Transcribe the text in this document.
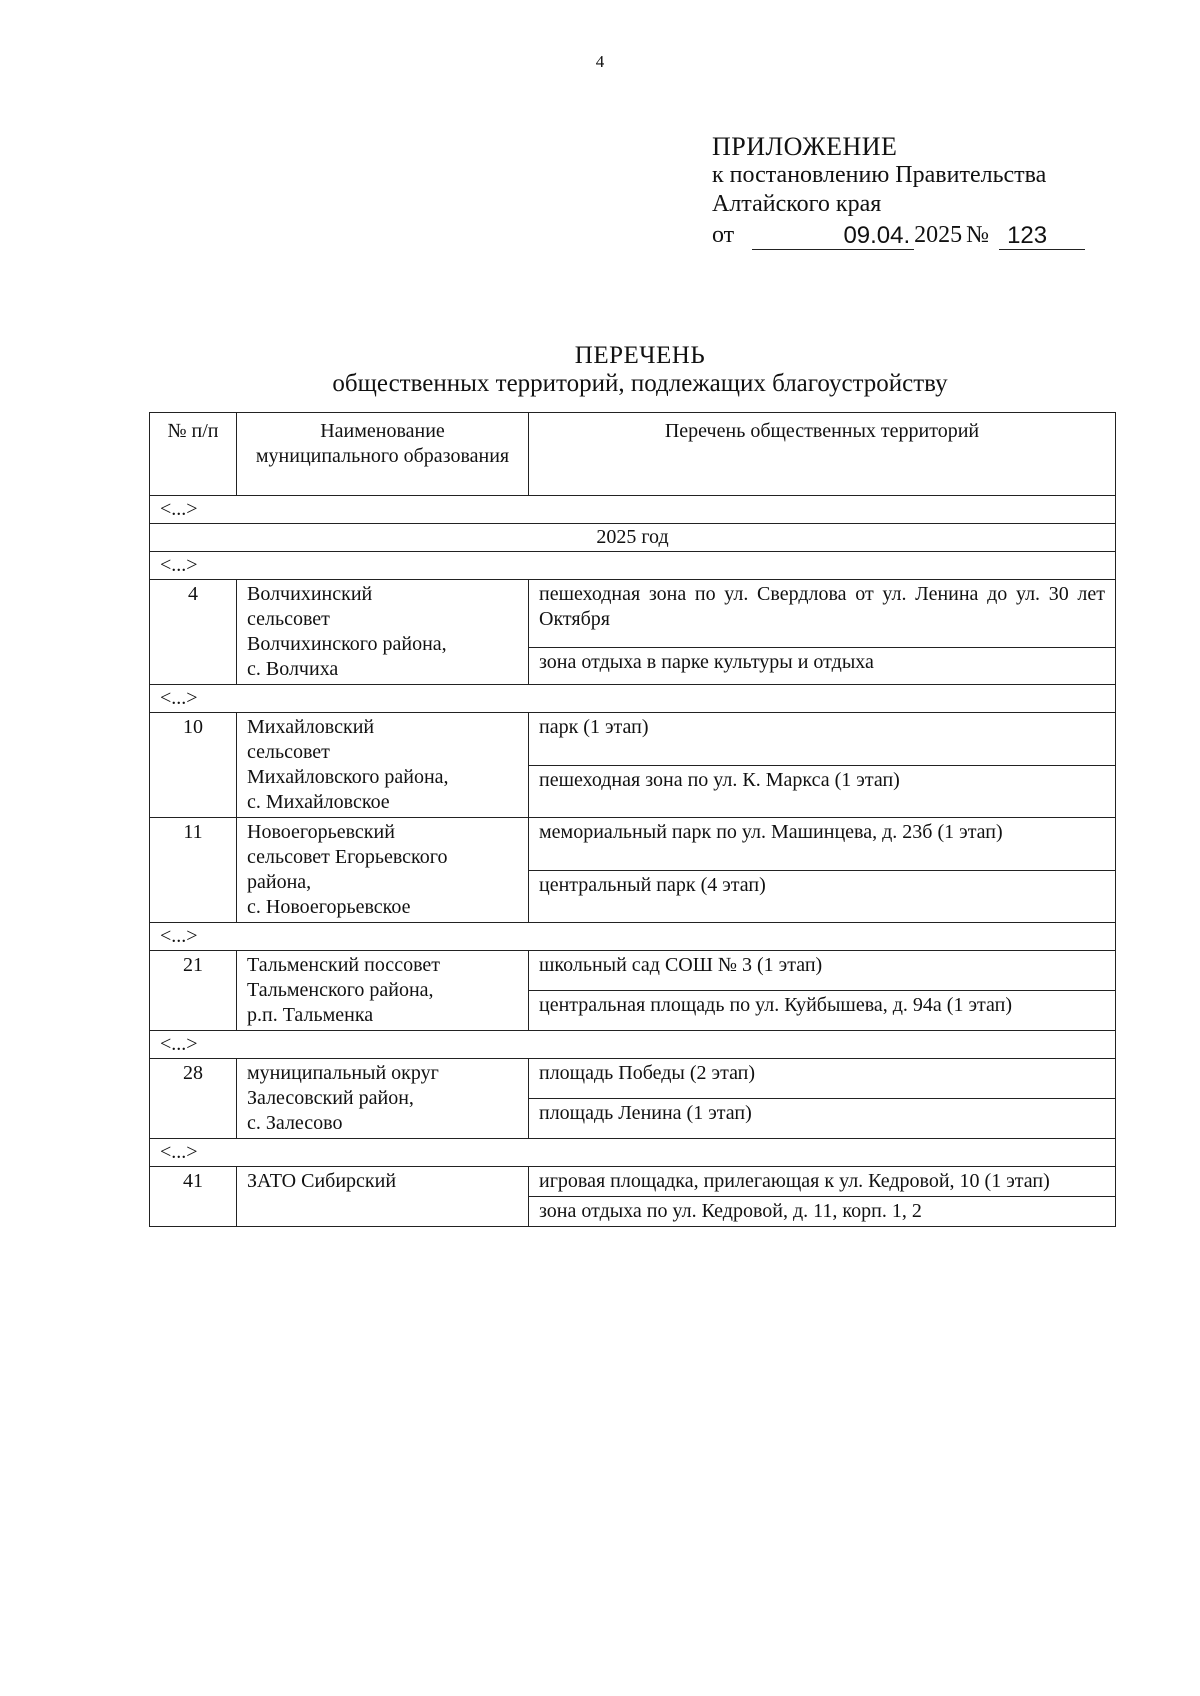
4
ПРИЛОЖЕНИЕ
к постановлению Правительства
Алтайского края
от	09.04. 2025 № 123
ПЕРЕЧЕНЬ
общественных территорий, подлежащих благоустройству
№ п/п	Наименование муниципального образования	Перечень общественных территорий
<...>		
2025 год		
<...>		
4	Волчихинский
сельсовет
Волчихинского района,
с. Волчиха	пешеходная зона по ул. Свердлова от ул. Ленина до ул. 30 лет Октября
		зона отдыха в парке культуры и отдыха
<...>		
10	Михайловский
сельсовет
Михайловского района,
с. Михайловское	парк (1 этап)
		пешеходная зона по ул. К. Маркса (1 этап)
11	Новоегорьевский
сельсовет Егорьевского
района,
с. Новоегорьевское	мемориальный парк по ул. Машинцева, д. 23б (1 этап)
		центральный парк (4 этап)
<...>		
21	Тальменский поссовет
Тальменского района,
р.п. Тальменка	школьный сад СОШ № 3 (1 этап)
		центральная площадь по ул. Куйбышева, д. 94а (1 этап)
<...>		
28	муниципальный округ
Залесовский район,
с. Залесово	площадь Победы (2 этап)
		площадь Ленина (1 этап)
<...>		
41	ЗАТО Сибирский	игровая площадка, прилегающая к ул. Кедровой, 10 (1 этап)
		зона отдыха по ул. Кедровой, д. 11, корп. 1, 2
